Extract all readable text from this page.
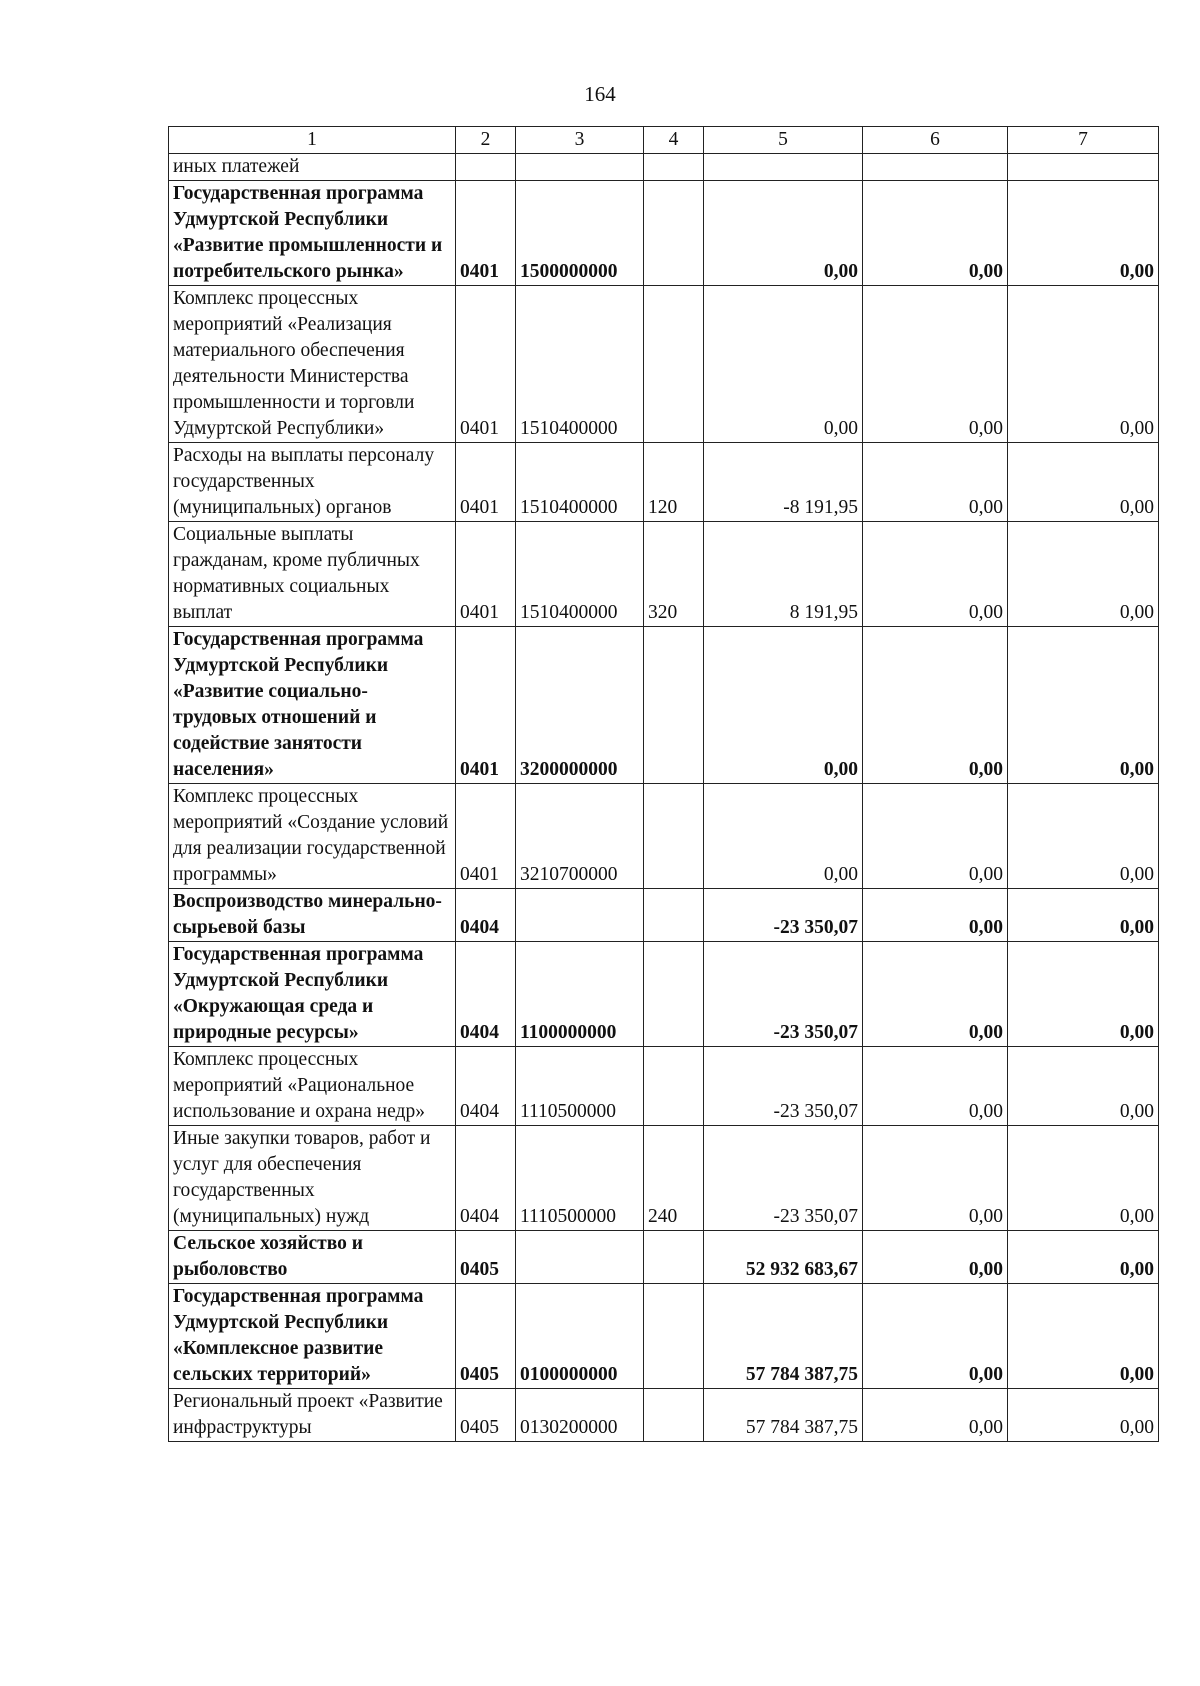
164
1	2	3	4	5	6	7
иных платежей						
Государственная программа Удмуртской Республики «Развитие промышленности и потребительского рынка»	0401	1500000000		0,00	0,00	0,00
Комплекс процессных мероприятий «Реализация материального обеспечения деятельности Министерства промышленности и торговли Удмуртской Республики»	0401	1510400000		0,00	0,00	0,00
Расходы на выплаты персоналу государственных (муниципальных) органов	0401	1510400000	120	-8 191,95	0,00	0,00
Социальные выплаты гражданам, кроме публичных нормативных социальных выплат	0401	1510400000	320	8 191,95	0,00	0,00
Государственная программа Удмуртской Республики «Развитие социально-трудовых отношений и содействие занятости населения»	0401	3200000000		0,00	0,00	0,00
Комплекс процессных мероприятий «Создание условий для реализации государственной программы»	0401	3210700000		0,00	0,00	0,00
Воспроизводство минерально-сырьевой базы	0404			-23 350,07	0,00	0,00
Государственная программа Удмуртской Республики «Окружающая среда и природные ресурсы»	0404	1100000000		-23 350,07	0,00	0,00
Комплекс процессных мероприятий «Рациональное использование и охрана недр»	0404	1110500000		-23 350,07	0,00	0,00
Иные закупки товаров, работ и услуг для обеспечения государственных (муниципальных) нужд	0404	1110500000	240	-23 350,07	0,00	0,00
Сельское хозяйство и рыболовство	0405			52 932 683,67	0,00	0,00
Государственная программа Удмуртской Республики «Комплексное развитие сельских территорий»	0405	0100000000		57 784 387,75	0,00	0,00
Региональный проект «Развитие инфраструктуры	0405	0130200000		57 784 387,75	0,00	0,00
